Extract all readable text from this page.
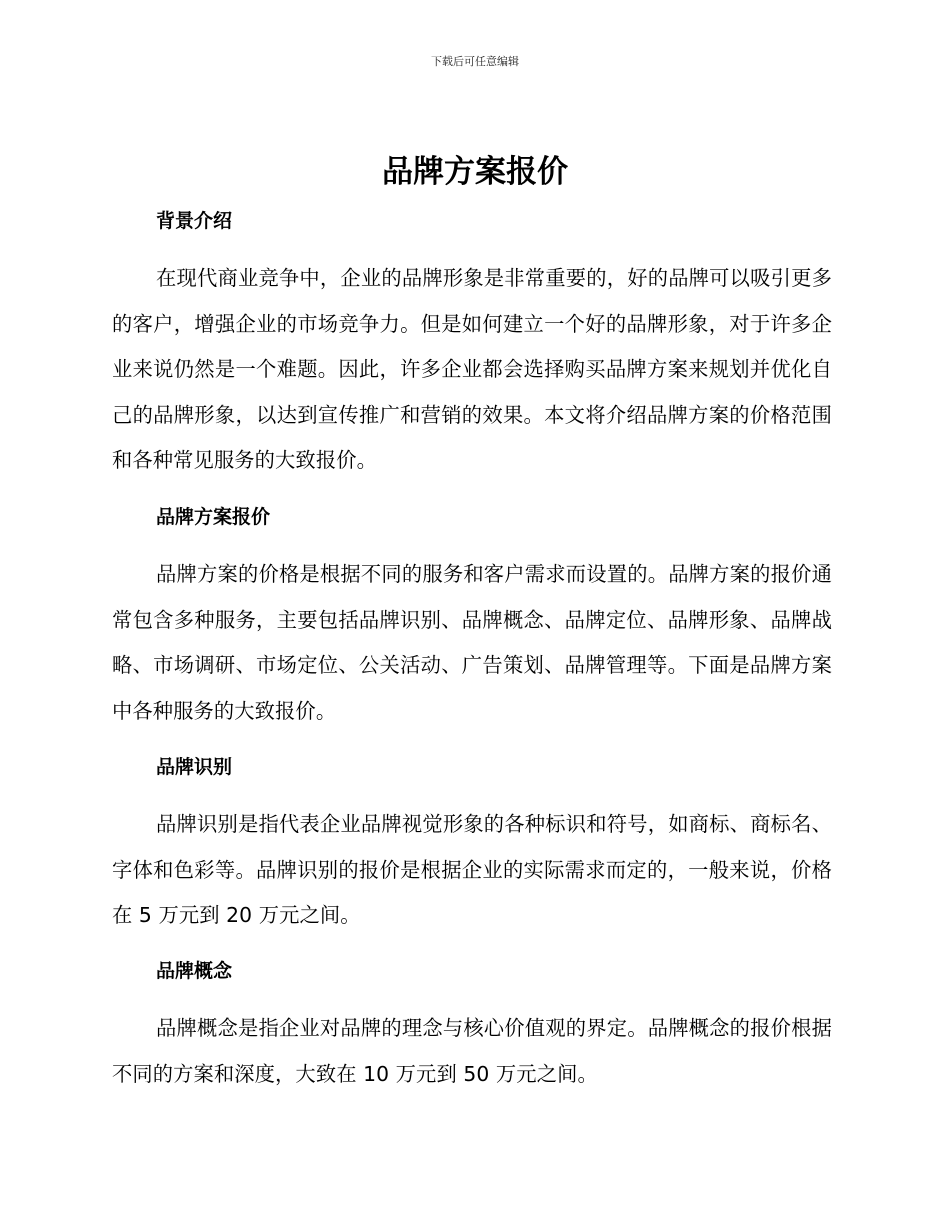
下载后可任意编辑
品牌方案报价
背景介绍

在现代商业竞争中，企业的品牌形象是非常重要的，好的品牌可以吸引更多的客户，增强企业的市场竞争力。但是如何建立一个好的品牌形象，对于许多企业来说仍然是一个难题。因此，许多企业都会选择购买品牌方案来规划并优化自己的品牌形象，以达到宣传推广和营销的效果。本文将介绍品牌方案的价格范围和各种常见服务的大致报价。

品牌方案报价

品牌方案的价格是根据不同的服务和客户需求而设置的。品牌方案的报价通常包含多种服务，主要包括品牌识别、品牌概念、品牌定位、品牌形象、品牌战略、市场调研、市场定位、公关活动、广告策划、品牌管理等。下面是品牌方案中各种服务的大致报价。

品牌识别

品牌识别是指代表企业品牌视觉形象的各种标识和符号，如商标、商标名、字体和色彩等。品牌识别的报价是根据企业的实际需求而定的，一般来说，价格在 5 万元到 20 万元之间。

品牌概念

品牌概念是指企业对品牌的理念与核心价值观的界定。品牌概念的报价根据不同的方案和深度，大致在 10 万元到 50 万元之间。
